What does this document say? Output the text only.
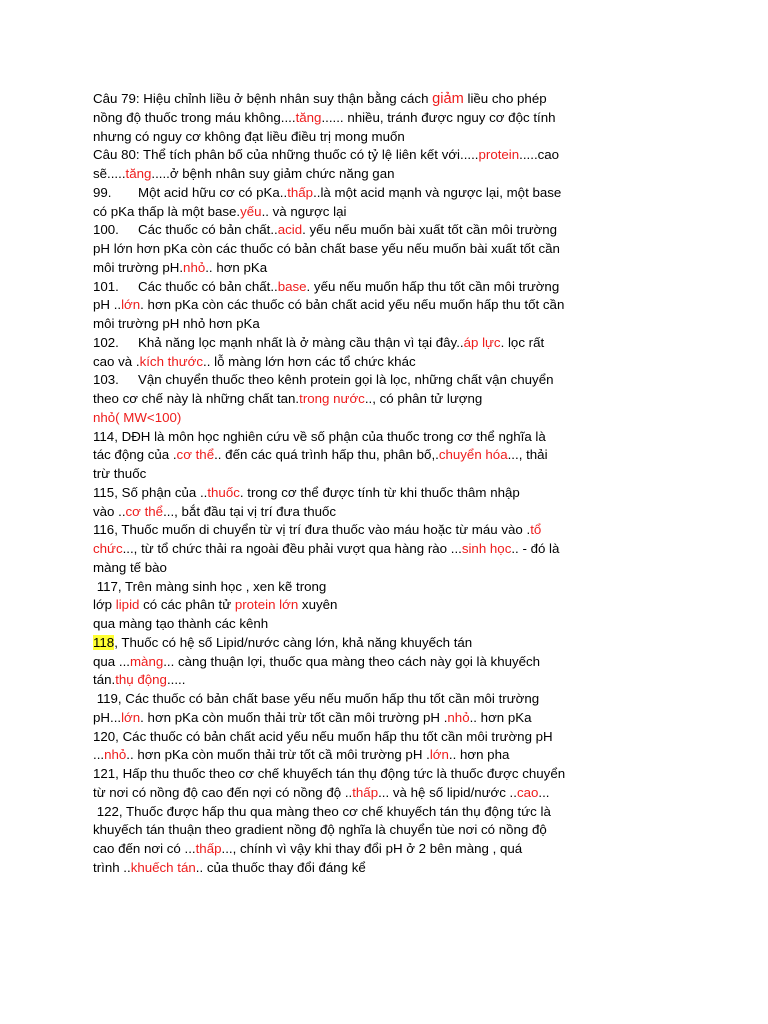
Câu 79: Hiệu chỉnh liều ở bệnh nhân suy thận bằng cách giảm liều cho phép
nồng độ thuốc trong máu không....tăng...... nhiều, tránh được nguy cơ độc tính
nhưng có nguy cơ không đạt liều điều trị mong muốn
Câu 80: Thể tích phân bố của những thuốc có tỷ lệ liên kết với.....protein.....cao
sẽ.....tăng.....ở bệnh nhân suy giảm chức năng gan
99. Một acid hữu cơ có pKa..thấp..là một acid mạnh và ngược lại, một base
có pKa thấp là một base.yếu.. và ngược lại
100. Các thuốc có bản chất..acid. yếu nếu muốn bài xuất tốt cần môi trường
pH lớn hơn pKa còn các thuốc có bản chất base yếu nếu muốn bài xuất tốt cần
môi trường pH.nhỏ.. hơn pKa
101. Các thuốc có bản chất..base. yếu nếu muốn hấp thu tốt cần môi trường
pH ..lớn. hơn pKa còn các thuốc có bản chất acid yếu nếu muốn hấp thu tốt cần
môi trường pH nhỏ hơn pKa
102. Khả năng lọc mạnh nhất là ở màng cầu thận vì tại đây..áp lực. lọc rất
cao và .kích thước.. lỗ màng lớn hơn các tổ chức khác
103. Vận chuyển thuốc theo kênh protein gọi là lọc, những chất vận chuyển
theo cơ chế này là những chất tan.trong nước.., có phân tử lượng
nhỏ( MW<100)
114, DĐH là môn học nghiên cứu về số phận của thuốc trong cơ thể nghĩa là
tác động của .cơ thể.. đến các quá trình hấp thu, phân bố,.chuyển hóa..., thải
trừ thuốc
115, Số phận của ..thuốc. trong cơ thể được tính từ khi thuốc thâm nhập
vào ..cơ thể..., bắt đầu tại vị trí đưa thuốc
116, Thuốc muốn di chuyển từ vị trí đưa thuốc vào máu hoặc từ máu vào .tổ
chức..., từ tổ chức thải ra ngoài đều phải vượt qua hàng rào ...sinh học.. - đó là
màng tế bào
117, Trên màng sinh học , xen kẽ trong
lớp lipid có các phân tử protein lớn xuyên
qua màng tạo thành các kênh
118, Thuốc có hệ số Lipid/nước càng lớn, khả năng khuyếch tán
qua ...màng... càng thuận lợi, thuốc qua màng theo cách này gọi là khuyếch
tán.thụ động.....
119, Các thuốc có bản chất base yếu nếu muốn hấp thu tốt cần môi trường
pH...lớn. hơn pKa còn muốn thải trừ tốt cần môi trường pH .nhỏ.. hơn pKa
120, Các thuốc có bản chất acid yếu nếu muốn hấp thu tốt cần môi trường pH
...nhỏ.. hơn pKa còn muốn thải trừ tốt cầ môi trường pH .lớn.. hơn pha
121, Hấp thu thuốc theo cơ chế khuyếch tán thụ động tức là thuốc được chuyển
từ nơi có nồng độ cao đến nợi có nồng độ ..thấp... và hệ số lipid/nước ..cao...
122, Thuốc được hấp thu qua màng theo cơ chế khuyếch tán thụ động tức là
khuyếch tán thuận theo gradient nồng độ nghĩa là chuyển tùe nơi có nồng độ
cao đến nơi có ...thấp..., chính vì vậy khi thay đổi pH ở 2 bên màng , quá
trình ..khuếch tán.. của thuốc thay đổi đáng kể
